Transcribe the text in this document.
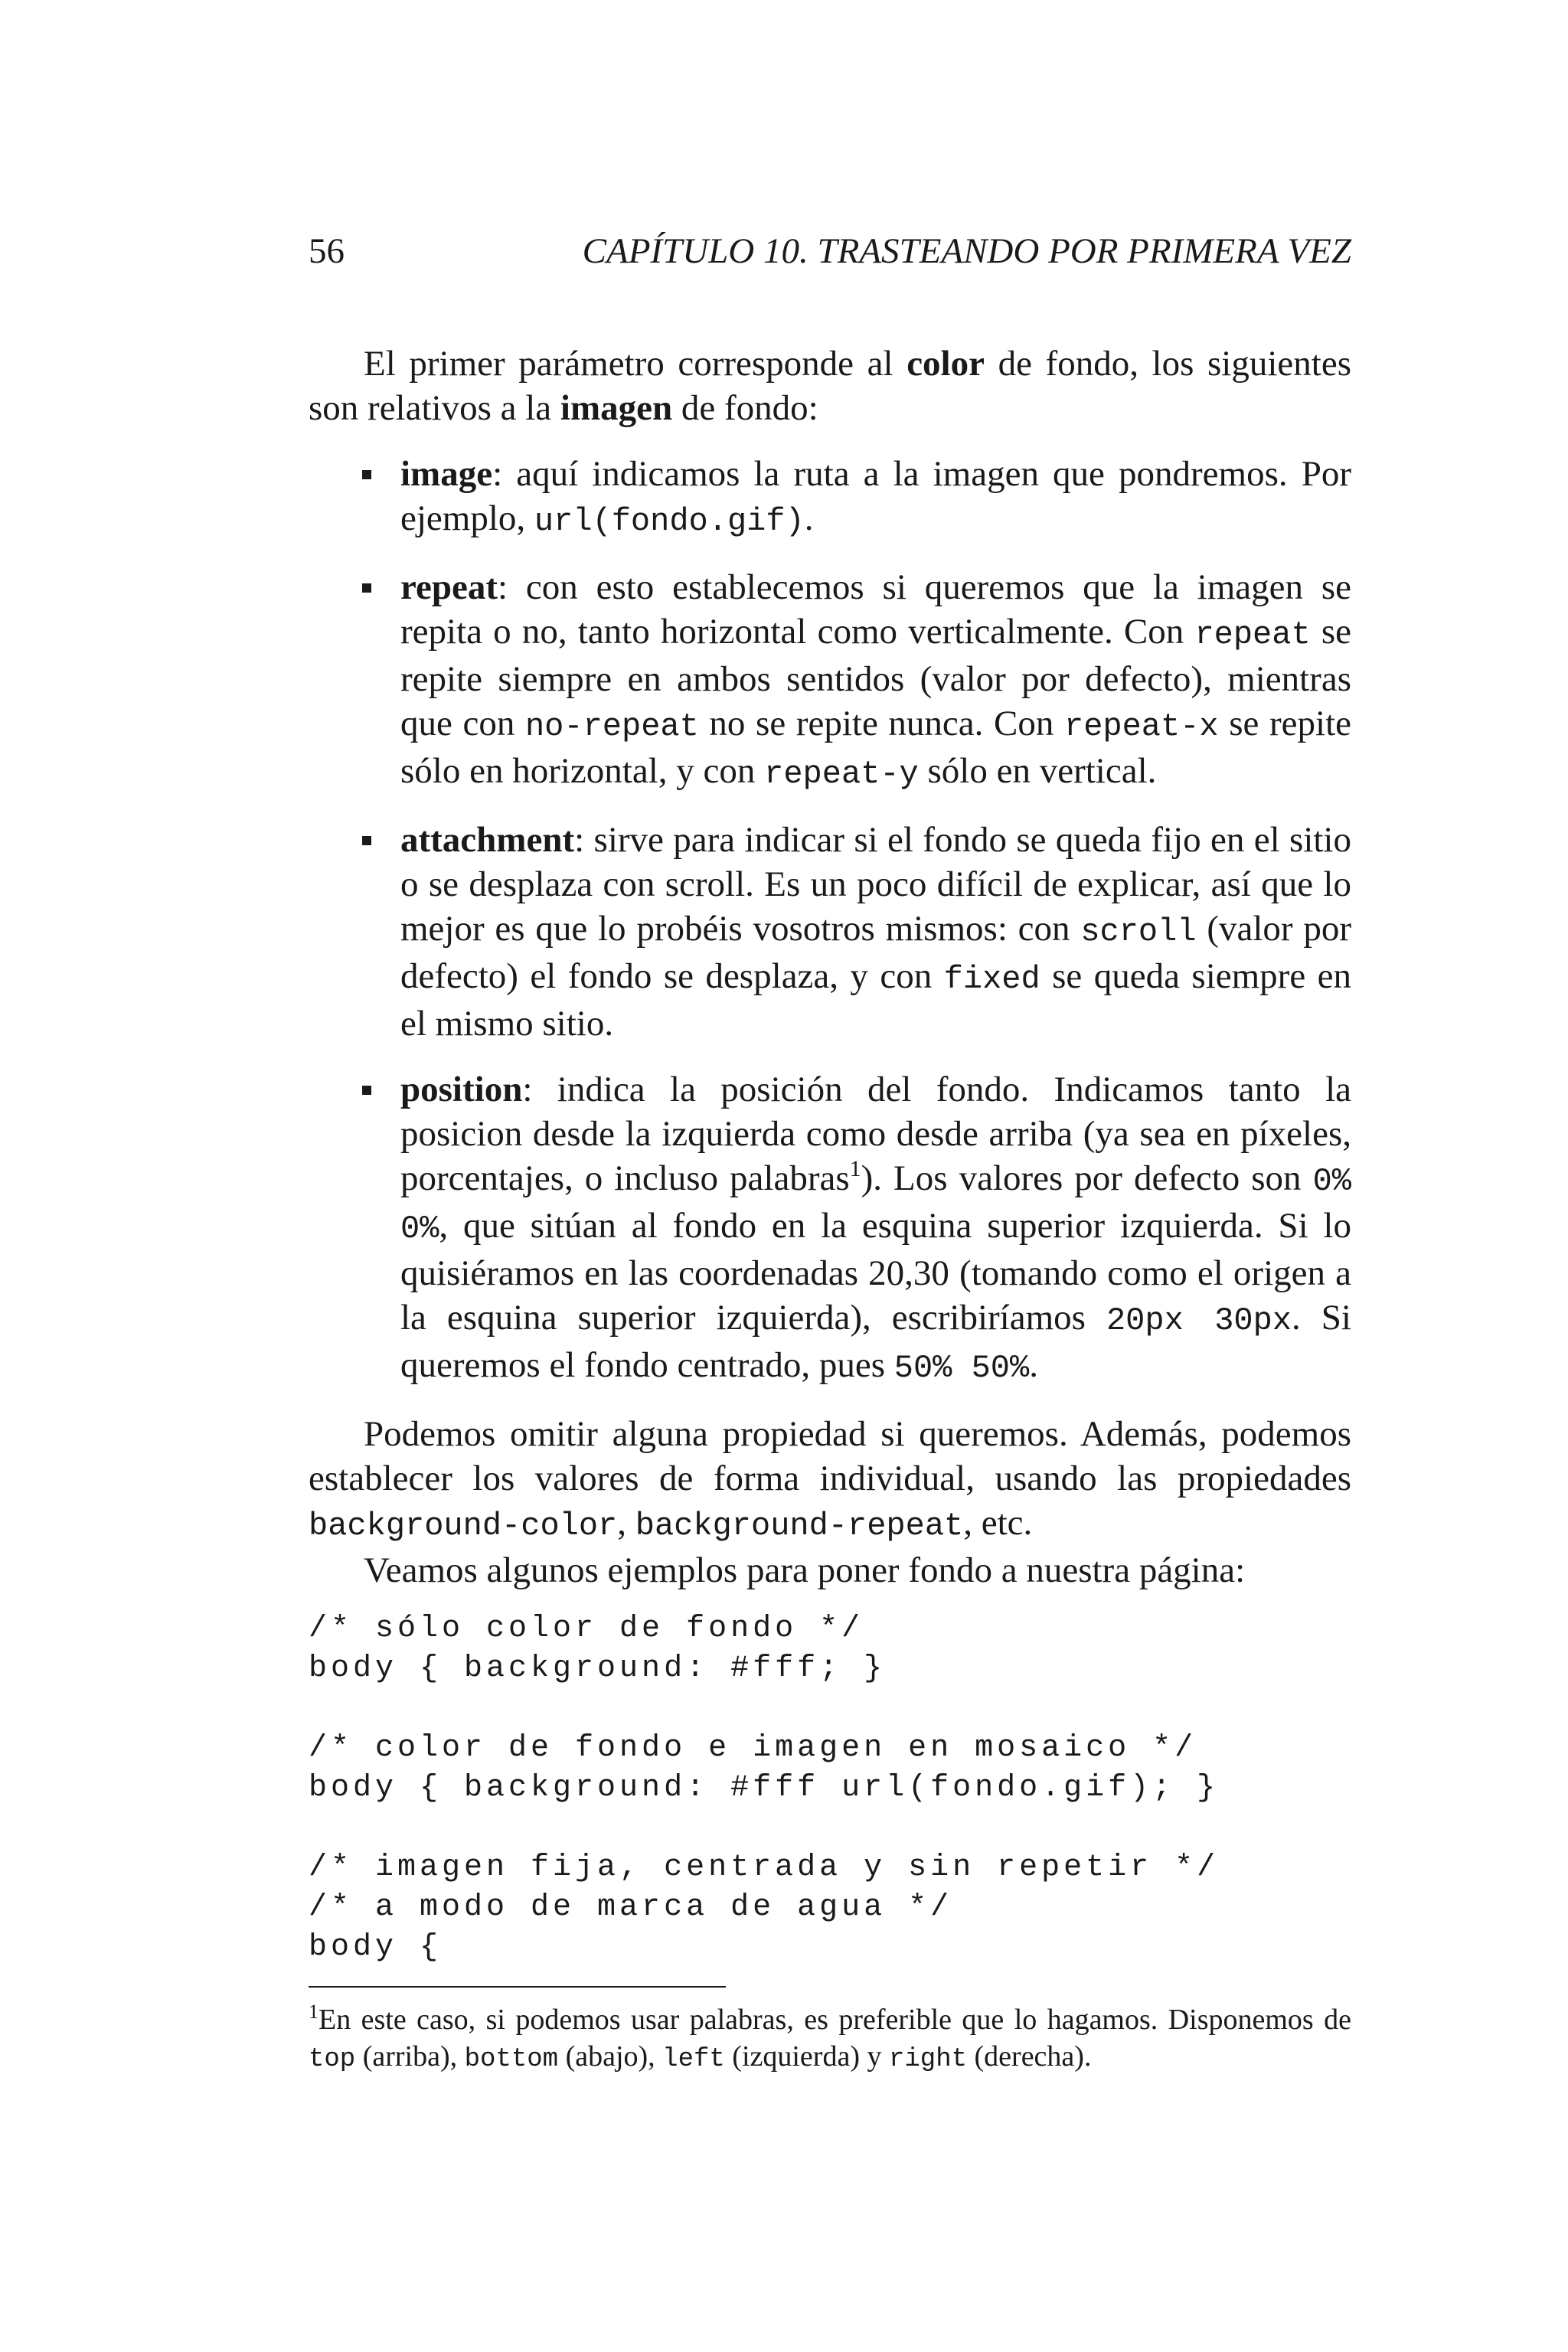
56	CAPÍTULO 10. TRASTEANDO POR PRIMERA VEZ

El primer parámetro corresponde al color de fondo, los siguientes son relativos a la imagen de fondo:

image: aquí indicamos la ruta a la imagen que pondremos. Por ejemplo, url(fondo.gif).

repeat: con esto establecemos si queremos que la imagen se repita o no, tanto horizontal como verticalmente. Con repeat se repite siempre en ambos sentidos (valor por defecto), mientras que con no-repeat no se repite nunca. Con repeat-x se repite sólo en horizontal, y con repeat-y sólo en vertical.

attachment: sirve para indicar si el fondo se queda fijo en el sitio o se desplaza con scroll. Es un poco difícil de explicar, así que lo mejor es que lo probéis vosotros mismos: con scroll (valor por defecto) el fondo se desplaza, y con fixed se queda siempre en el mismo sitio.

position: indica la posición del fondo. Indicamos tanto la posicion desde la izquierda como desde arriba (ya sea en píxeles, porcentajes, o incluso palabras$^1$). Los valores por defecto son 0% 0%, que sitúan al fondo en la esquina superior izquierda. Si lo quisiéramos en las coordenadas 20,30 (tomando como el origen a la esquina superior izquierda), escribiríamos 20px 30px. Si queremos el fondo centrado, pues 50% 50%.

Podemos omitir alguna propiedad si queremos. Además, podemos establecer los valores de forma individual, usando las propiedades background-color, background-repeat, etc.

Veamos algunos ejemplos para poner fondo a nuestra página:

/* sólo color de fondo */
body { background: #fff; }

/* color de fondo e imagen en mosaico */
body { background: #fff url(fondo.gif); }

/* imagen fija, centrada y sin repetir */
/* a modo de marca de agua */
body {
$^1$En este caso, si podemos usar palabras, es preferible que lo hagamos. Disponemos de top (arriba), bottom (abajo), left (izquierda) y right (derecha).
